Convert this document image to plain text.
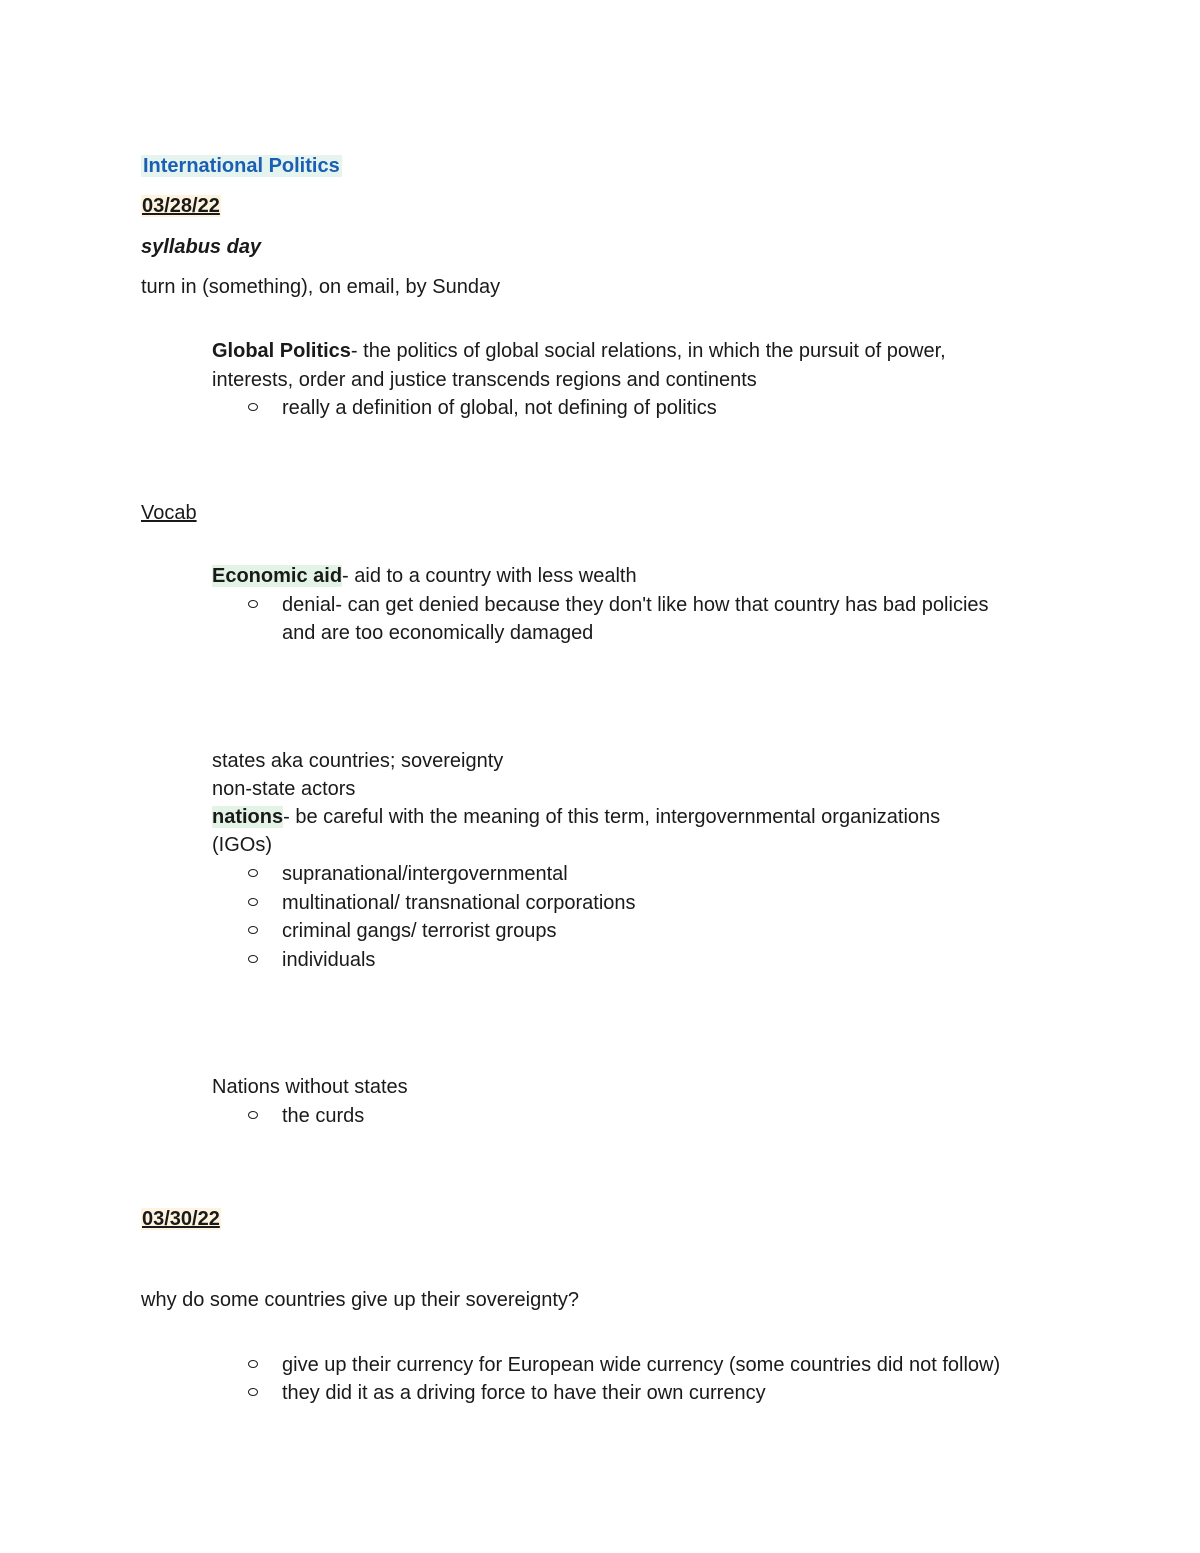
International Politics
03/28/22
syllabus day
turn in (something), on email, by Sunday
Global Politics- the politics of global social relations, in which the pursuit of power,
interests, order and justice transcends regions and continents
really a definition of global, not defining of politics
Vocab
Economic aid- aid to a country with less wealth
denial- can get denied because they don't like how that country has bad policies
and are too economically damaged
states aka countries; sovereignty
non-state actors
nations- be careful with the meaning of this term, intergovernmental organizations
(IGOs)
supranational/intergovernmental
multinational/ transnational corporations
criminal gangs/ terrorist groups
individuals
Nations without states
the curds
03/30/22
why do some countries give up their sovereignty?
give up their currency for European wide currency (some countries did not follow)
they did it as a driving force to have their own currency
